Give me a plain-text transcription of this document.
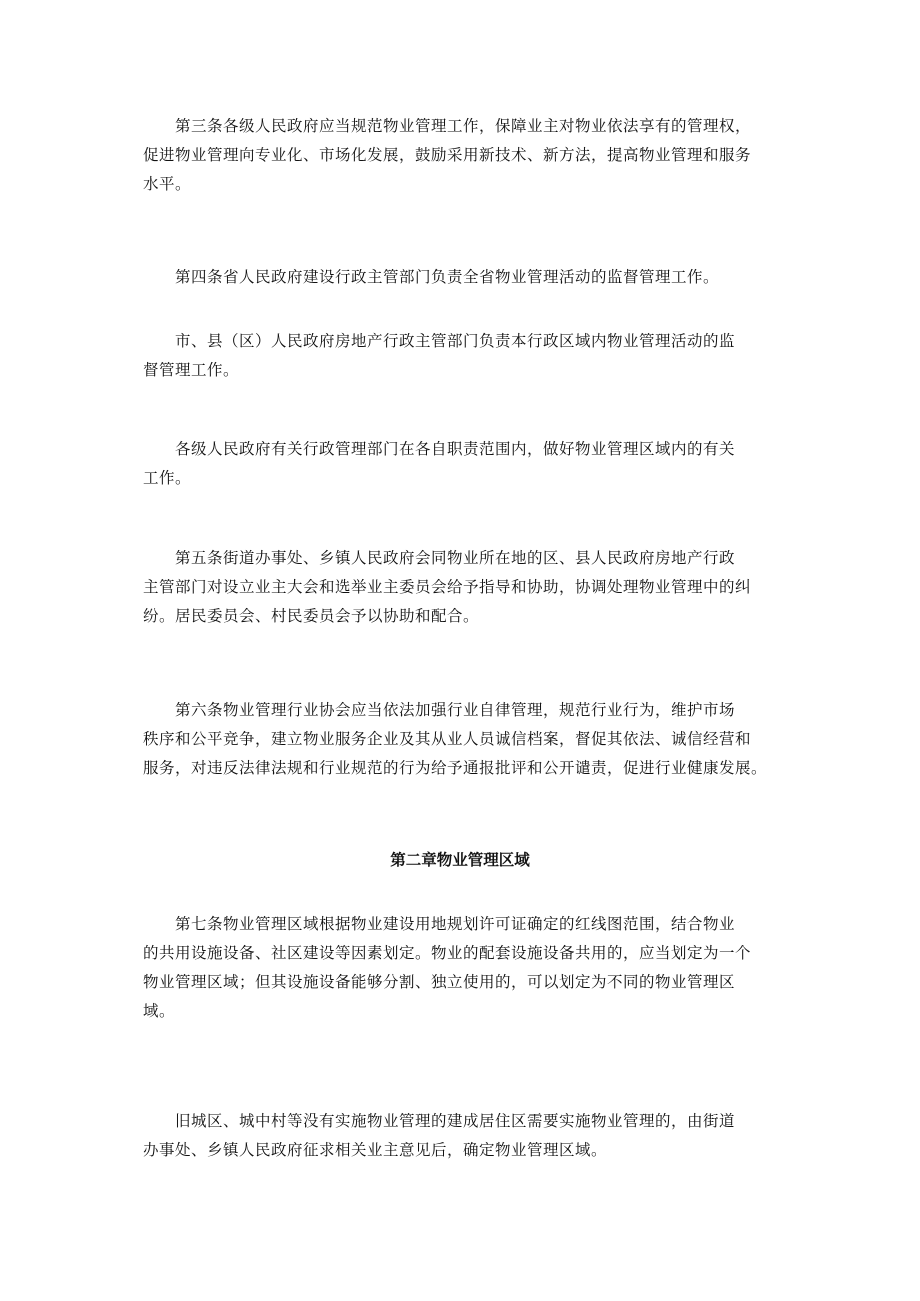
　　第三条各级人民政府应当规范物业管理工作，保障业主对物业依法享有的管理权，
促进物业管理向专业化、市场化发展，鼓励采用新技术、新方法，提高物业管理和服务
水平。

　　第四条省人民政府建设行政主管部门负责全省物业管理活动的监督管理工作。

　　市、县（区）人民政府房地产行政主管部门负责本行政区域内物业管理活动的监
督管理工作。

　　各级人民政府有关行政管理部门在各自职责范围内，做好物业管理区域内的有关
工作。

　　第五条街道办事处、乡镇人民政府会同物业所在地的区、县人民政府房地产行政
主管部门对设立业主大会和选举业主委员会给予指导和协助，协调处理物业管理中的纠
纷。居民委员会、村民委员会予以协助和配合。

　　第六条物业管理行业协会应当依法加强行业自律管理，规范行业行为，维护市场
秩序和公平竞争，建立物业服务企业及其从业人员诚信档案，督促其依法、诚信经营和
服务，对违反法律法规和行业规范的行为给予通报批评和公开谴责，促进行业健康发展。

第二章物业管理区域

　　第七条物业管理区域根据物业建设用地规划许可证确定的红线图范围，结合物业
的共用设施设备、社区建设等因素划定。物业的配套设施设备共用的，应当划定为一个
物业管理区域；但其设施设备能够分割、独立使用的，可以划定为不同的物业管理区
域。

　　旧城区、城中村等没有实施物业管理的建成居住区需要实施物业管理的，由街道
办事处、乡镇人民政府征求相关业主意见后，确定物业管理区域。
